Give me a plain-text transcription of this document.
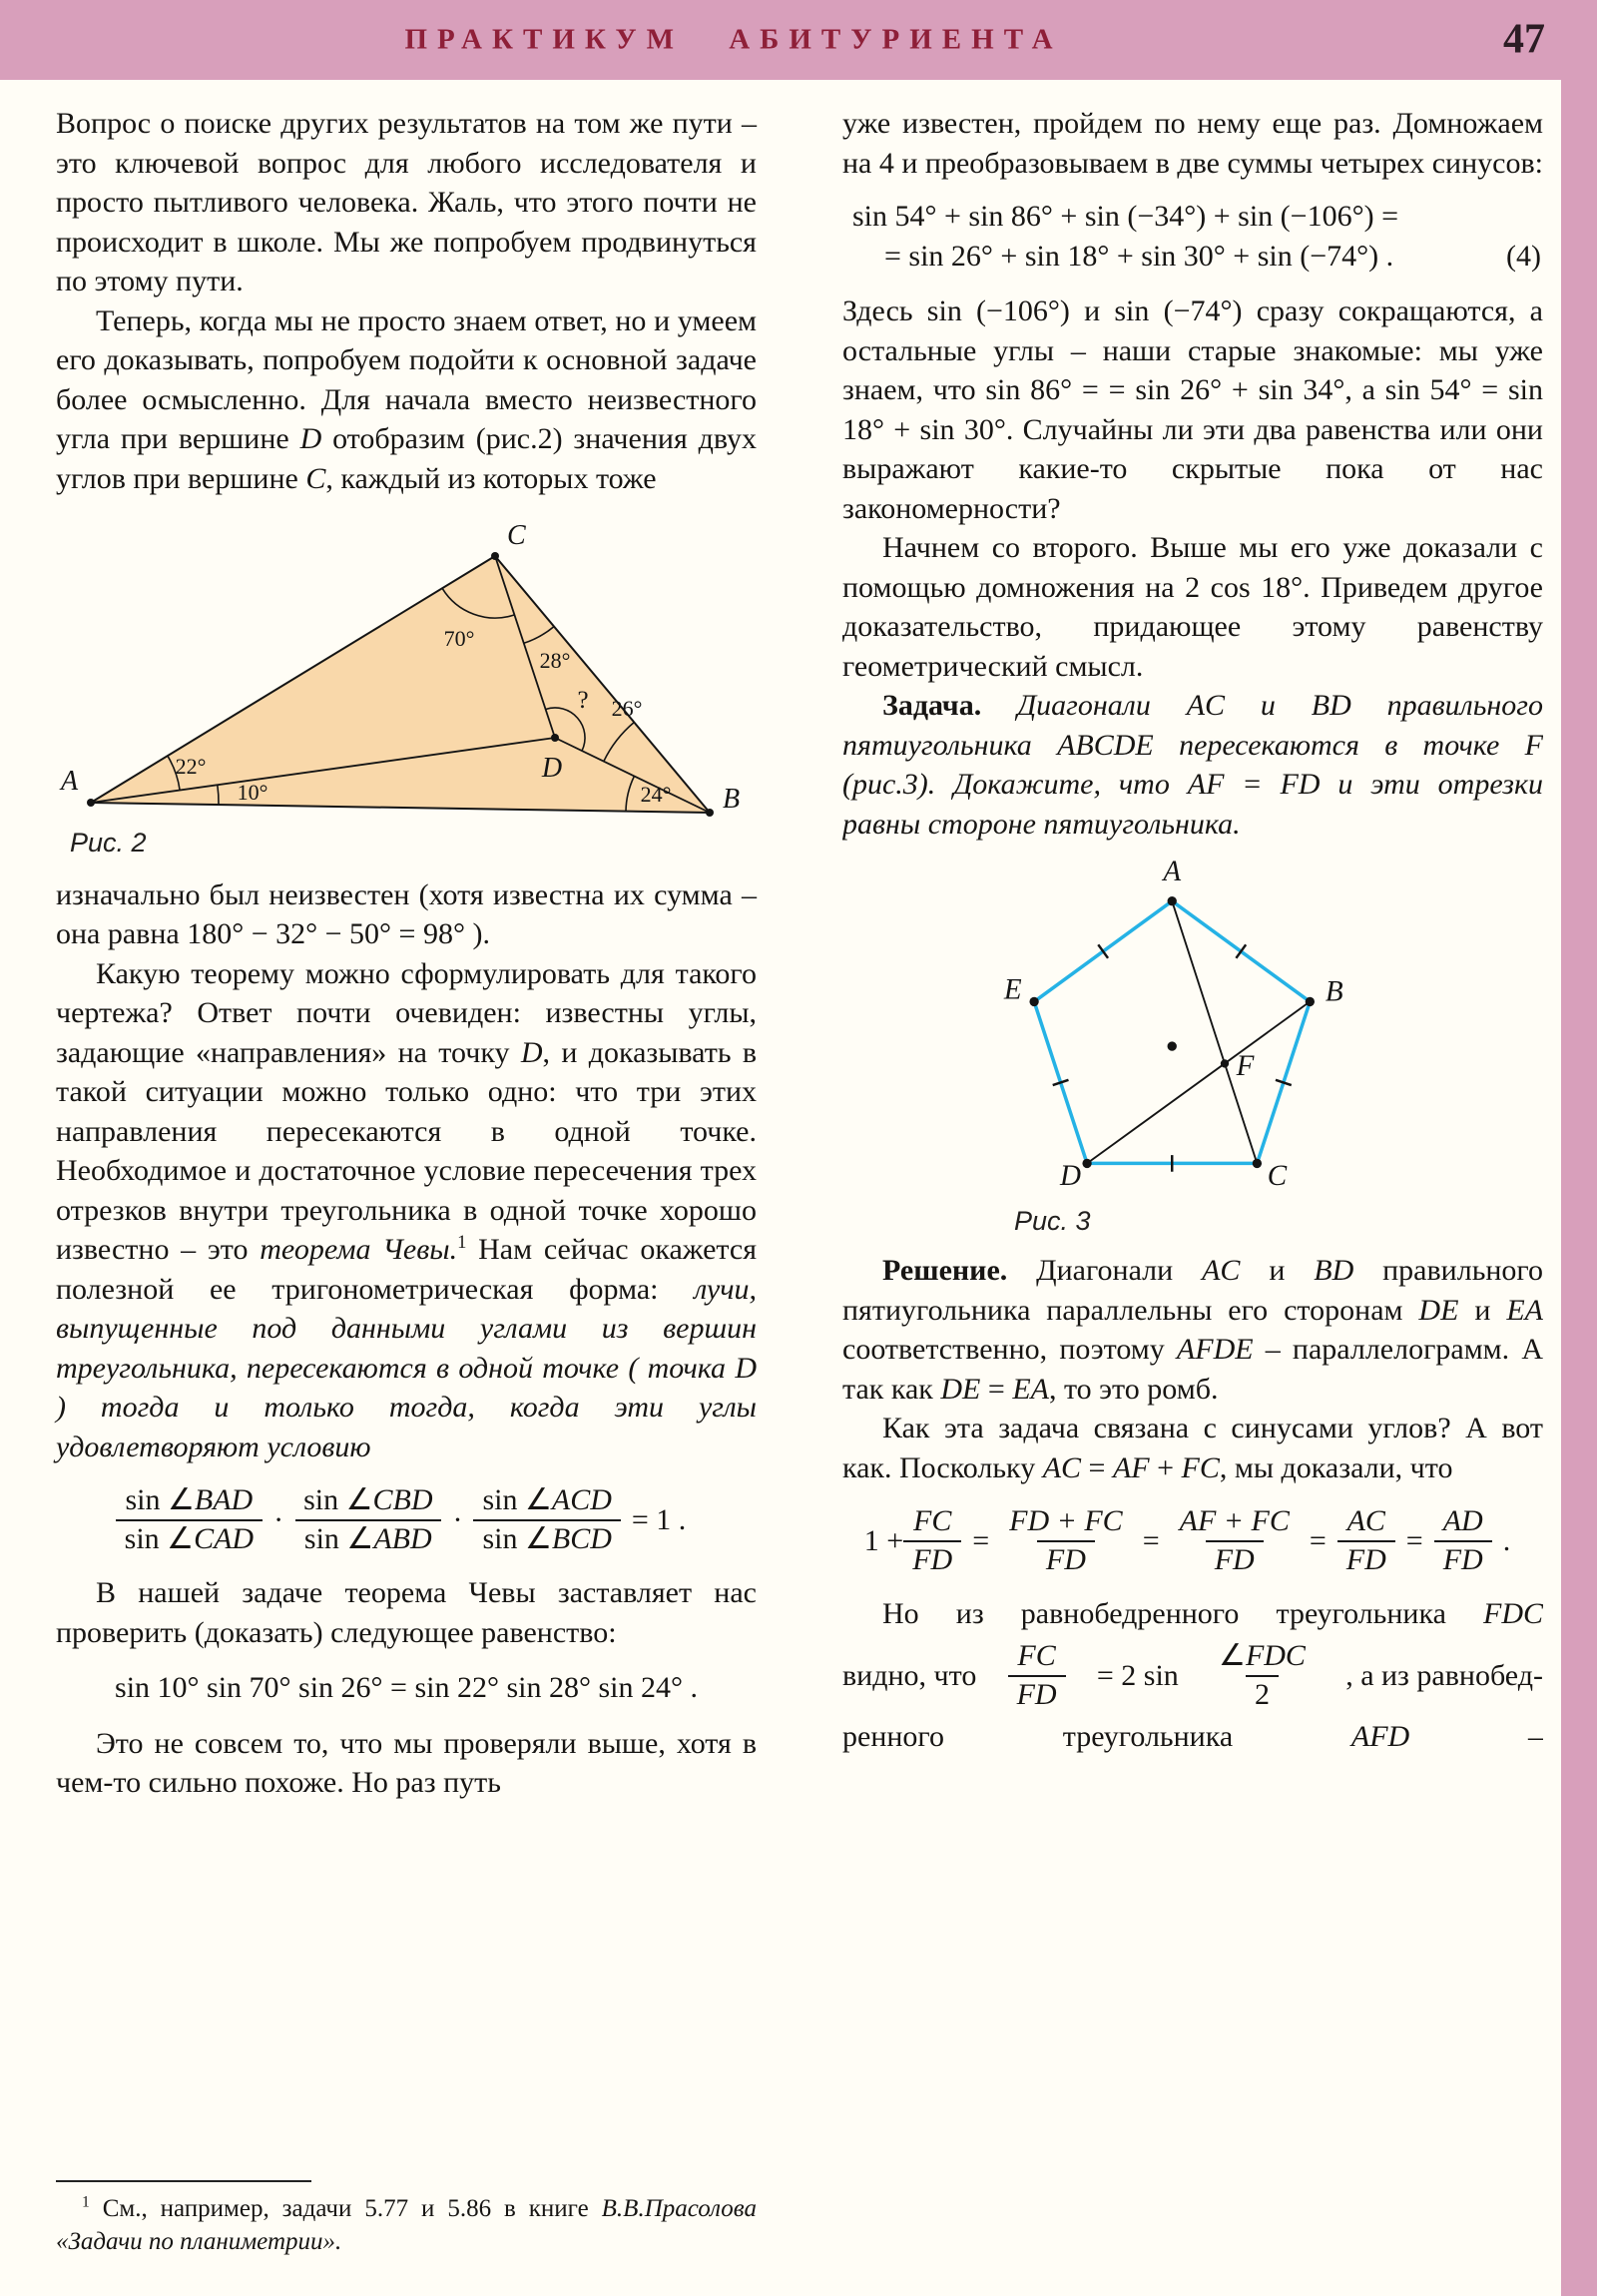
ПРАКТИКУМ АБИТУРИЕНТА	47

Вопрос о поиске других результатов на том же пути – это ключевой вопрос для любого исследователя и просто пытливого человека. Жаль, что этого почти не происходит в школе. Мы же попробуем продвинуться по этому пути.

Теперь, когда мы не просто знаем ответ, но и умеем его доказывать, попробуем подойти к основной задаче более осмысленно. Для начала вместо неизвестного угла при вершине D отобразим (рис.2) значения двух углов при вершине C, каждый из которых тоже

A
B
C
D
?
70°
28°
22°
10°
26°
24°
Рис. 2

изначально был неизвестен (хотя известна их сумма – она равна 180° − 32° − 50° = 98° ).

Какую теорему можно сформулировать для такого чертежа? Ответ почти очевиден: известны углы, задающие «направления» на точку D, и доказывать в такой ситуации можно только одно: что три этих направления пересекаются в одной точке. Необходимое и достаточное условие пересечения трех отрезков внутри треугольника в одной точке хорошо известно – это теорема Чевы.$^1$ Нам сейчас окажется полезной ее тригонометрическая форма: лучи, выпущенные под данными углами из вершин треугольника, пересекаются в одной точке ( точка D ) тогда и только тогда, когда эти углы удовлетворяют условию

$\frac{\text{sin ∠BAD}}{\text{sin ∠CAD}} \cdot \frac{\text{sin ∠CBD}}{\text{sin ∠ABD}} \cdot \frac{\text{sin ∠ACD}}{\text{sin ∠BCD}} = 1$ .

В нашей задаче теорема Чевы заставляет нас проверить (доказать) следующее равенство:

sin 10° sin 70° sin 26° = sin 22° sin 28° sin 24° .

Это не совсем то, что мы проверяли выше, хотя в чем-то сильно похоже. Но раз путь

$^1$ См., например, задачи 5.77 и 5.86 в книге В.В.Прасолова «Задачи по планиметрии».

уже известен, пройдем по нему еще раз. Домножаем на 4 и преобразовываем в две суммы четырех синусов:

sin 54° + sin 86° + sin (−34°) + sin (−106°) =
= sin 26° + sin 18° + sin 30° + sin (−74°) .	(4)

Здесь sin (−106°) и sin (−74°) сразу сокращаются, а остальные углы – наши старые знакомые: мы уже знаем, что sin 86° = = sin 26° + sin 34°, а sin 54° = sin 18° + sin 30°. Случайны ли эти два равенства или они выражают какие-то скрытые пока от нас закономерности?

Начнем со второго. Выше мы его уже доказали с помощью домножения на 2 cos 18°. Приведем другое доказательство, придающее этому равенству геометрический смысл.

Задача. Диагонали AC и BD правильного пятиугольника ABCDE пересекаются в точке F (рис.3). Докажите, что AF = FD и эти отрезки равны стороне пятиугольника.

A
B
C
D
E
F
Рис. 3

Решение. Диагонали AC и BD правильного пятиугольника параллельны его сторонам DE и EA соответственно, поэтому AFDE – параллелограмм. А так как DE = EA, то это ромб.

Как эта задача связана с синусами углов? А вот как. Поскольку AC = AF + FC, мы доказали, что

$1 + \frac{FC}{FD} = \frac{FD + FC}{FD} = \frac{AF + FC}{FD} = \frac{AC}{FD} = \frac{AD}{FD}$ .

Но из равнобедренного треугольника FDC

видно, что $\frac{FC}{FD} = 2$ $\sin \frac{\text{∠FDC}}{2}$ , а из равнобед-
ренного	треугольника	AFD	–
